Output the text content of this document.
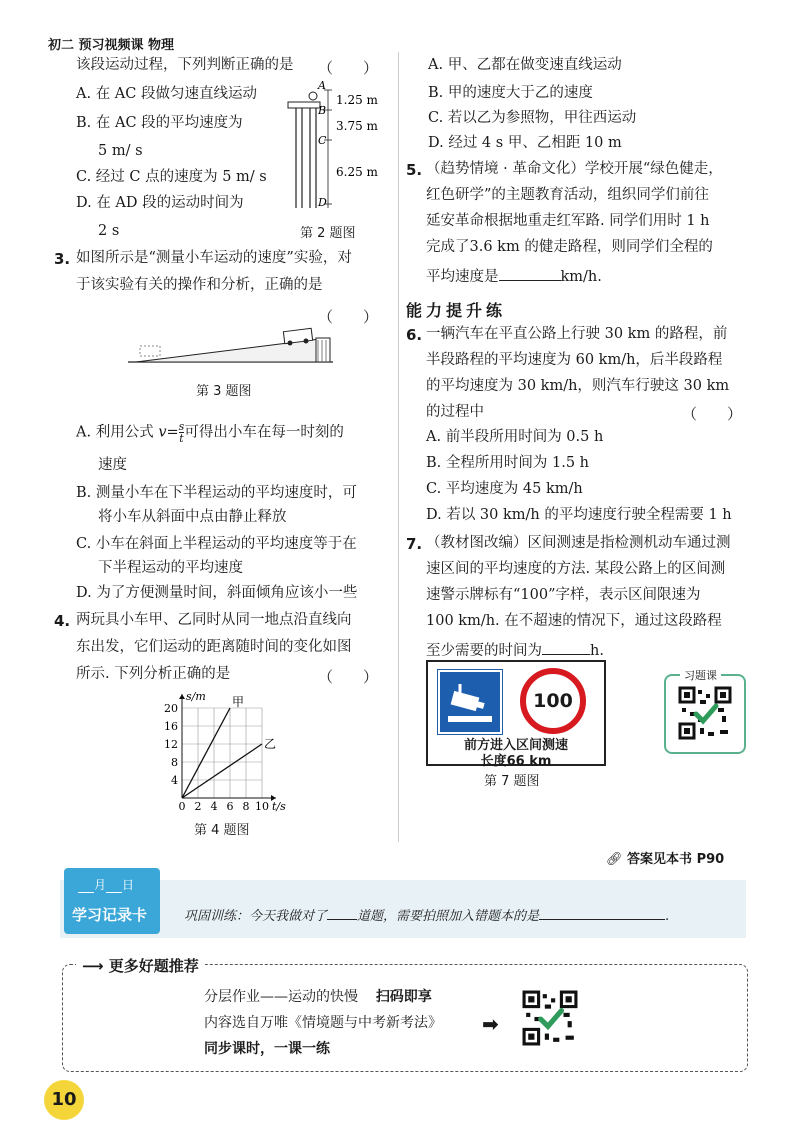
初二 预习视频课 物理
该段运动过程，下列判断正确的是 （　　）
A. 在 AC 段做匀速直线运动
B. 在 AC 段的平均速度为
5 m/ s
C. 经过 C 点的速度为 5 m/ s
D. 在 AD 段的运动时间为
2 s
A
B
C
D
1.25 m
3.75 m
6.25 m
第 2 题图
3. 如图所示是“测量小车运动的速度”实验，对
于该实验有关的操作和分析，正确的是
（　　）
第 3 题图
A. 利用公式 $v=\frac{s}{t}$ 可得出小车在每一时刻的
速度
B. 测量小车在下半程运动的平均速度时，可
将小车从斜面中点由静止释放
C. 小车在斜面上半程运动的平均速度等于在
下半程运动的平均速度
D. 为了方便测量时间，斜面倾角应该小一些
4. 两玩具小车甲、乙同时从同一地点沿直线向
东出发，它们运动的距离随时间的变化如图
所示. 下列分析正确的是	（　　）
0 2 4 6 8 10
4
8
12
16
20
s/m
t/s
甲
乙
第 4 题图
A. 甲、乙都在做变速直线运动
B. 甲的速度大于乙的速度
C. 若以乙为参照物，甲往西运动
D. 经过 4 s 甲、乙相距 10 m
5. （趋势情境 · 革命文化）学校开展“绿色健走，
红色研学”的主题教育活动，组织同学们前往
延安革命根据地重走红军路. 同学们用时 1 h
完成了3.6 km 的健走路程，则同学们全程的
平均速度是	km/h.
能力提升练
6. 一辆汽车在平直公路上行驶 30 km 的路程，前
半段路程的平均速度为 60 km/h，后半段路程
的平均速度为 30 km/h，则汽车行驶这 30 km
的过程中	（　　）
A. 前半段所用时间为 0.5 h
B. 全程所用时间为 1.5 h
C. 平均速度为 45 km/h
D. 若以 30 km/h 的平均速度行驶全程需要 1 h
7. （教材图改编）区间测速是指检测机动车通过测
速区间的平均速度的方法. 某段公路上的区间测
速警示牌标有“100”字样，表示区间限速为
100 km/h. 在不超速的情况下，通过这段路程
至少需要的时间为	h.
100
前方进入区间测速
长度66 km
第 7 题图
习题课
🔗︎ 答案见本书 P90
月 日
学习记录卡	巩固训练：今天我做对了 道题，需要拍照加入错题本的是	.
⟶ 更多好题推荐
分层作业——运动的快慢 扫码即享
内容选自万唯《情境题与中考新考法》
同步课时，一课一练
➡
10
